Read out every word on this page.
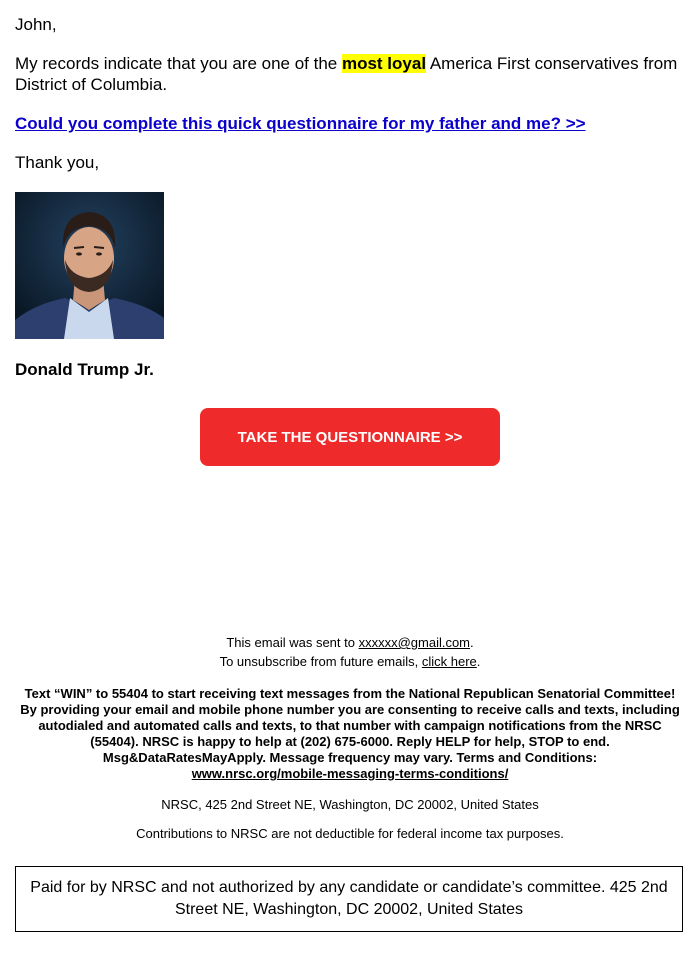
John,

My records indicate that you are one of the most loyal America First conservatives from District of Columbia.

Could you complete this quick questionnaire for my father and me? >>

Thank you,

Donald Trump Jr.

TAKE THE QUESTIONNAIRE >>
This email was sent to xxxxxx@gmail.com.
To unsubscribe from future emails, click here.
Text “WIN” to 55404 to start receiving text messages from the National Republican Senatorial Committee! By providing your email and mobile phone number you are consenting to receive calls and texts, including autodialed and automated calls and texts, to that number with campaign notifications from the NRSC (55404). NRSC is happy to help at (202) 675-6000. Reply HELP for help, STOP to end. Msg&DataRatesMayApply. Message frequency may vary. Terms and Conditions:
www.nrsc.org/mobile-messaging-terms-conditions/
NRSC, 425 2nd Street NE, Washington, DC 20002, United States
Contributions to NRSC are not deductible for federal income tax purposes.
Paid for by NRSC and not authorized by any candidate or candidate’s committee. 425 2nd Street NE, Washington, DC 20002, United States
